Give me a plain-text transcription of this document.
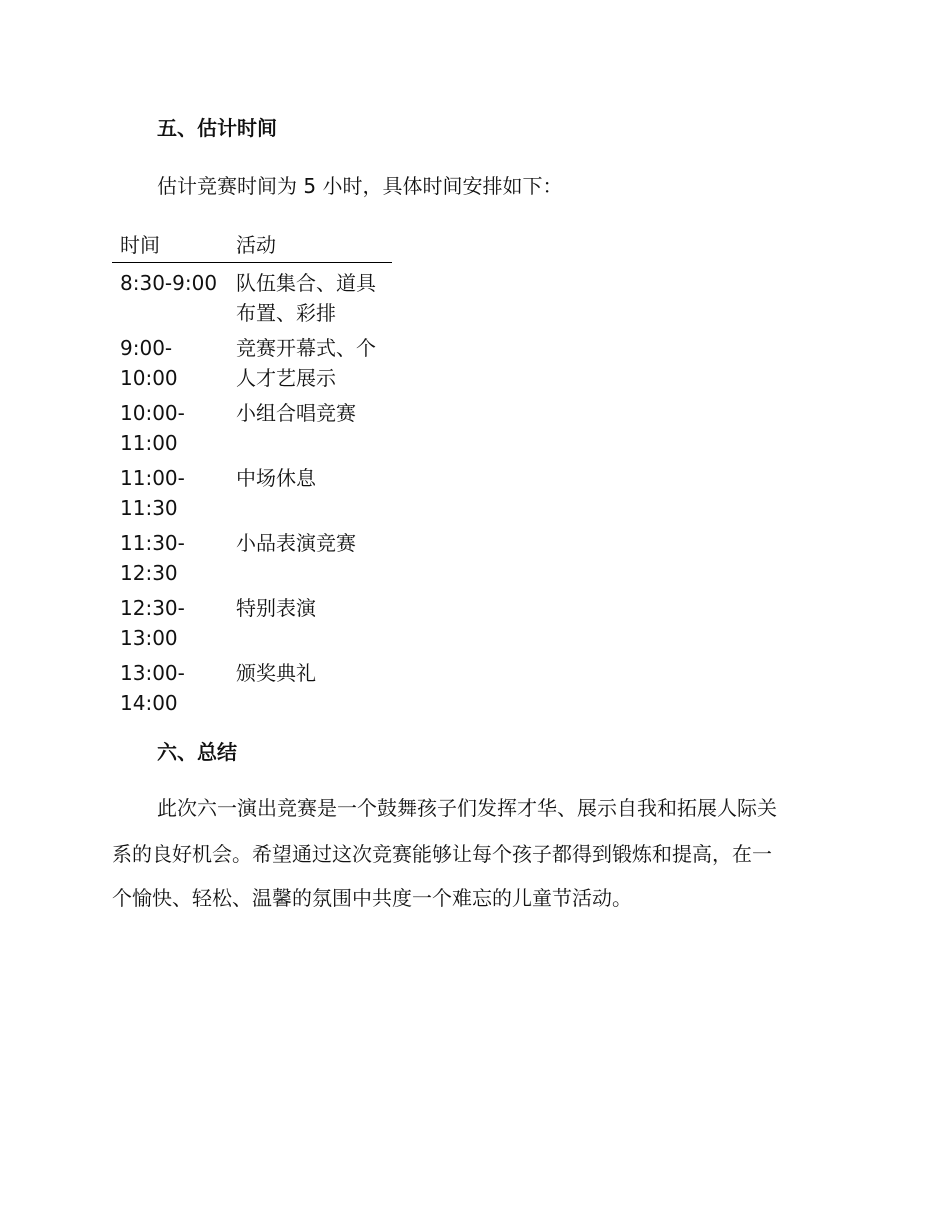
五、估计时间
估计竞赛时间为 5 小时，具体时间安排如下：
时间	活动
8:30-9:00 队伍集合、道具布置、彩排
9:00-
10:00
竞赛开幕式、个人才艺展示
10:00-
11:00
小组合唱竞赛
11:00-
11:30
中场休息
11:30-
12:30
小品表演竞赛
12:30-
13:00
特别表演
13:00-
14:00
颁奖典礼
六、总结
此次六一演出竞赛是一个鼓舞孩子们发挥才华、展示自我和拓展人际关
系的良好机会。希望通过这次竞赛能够让每个孩子都得到锻炼和提高，在一
个愉快、轻松、温馨的氛围中共度一个难忘的儿童节活动。
